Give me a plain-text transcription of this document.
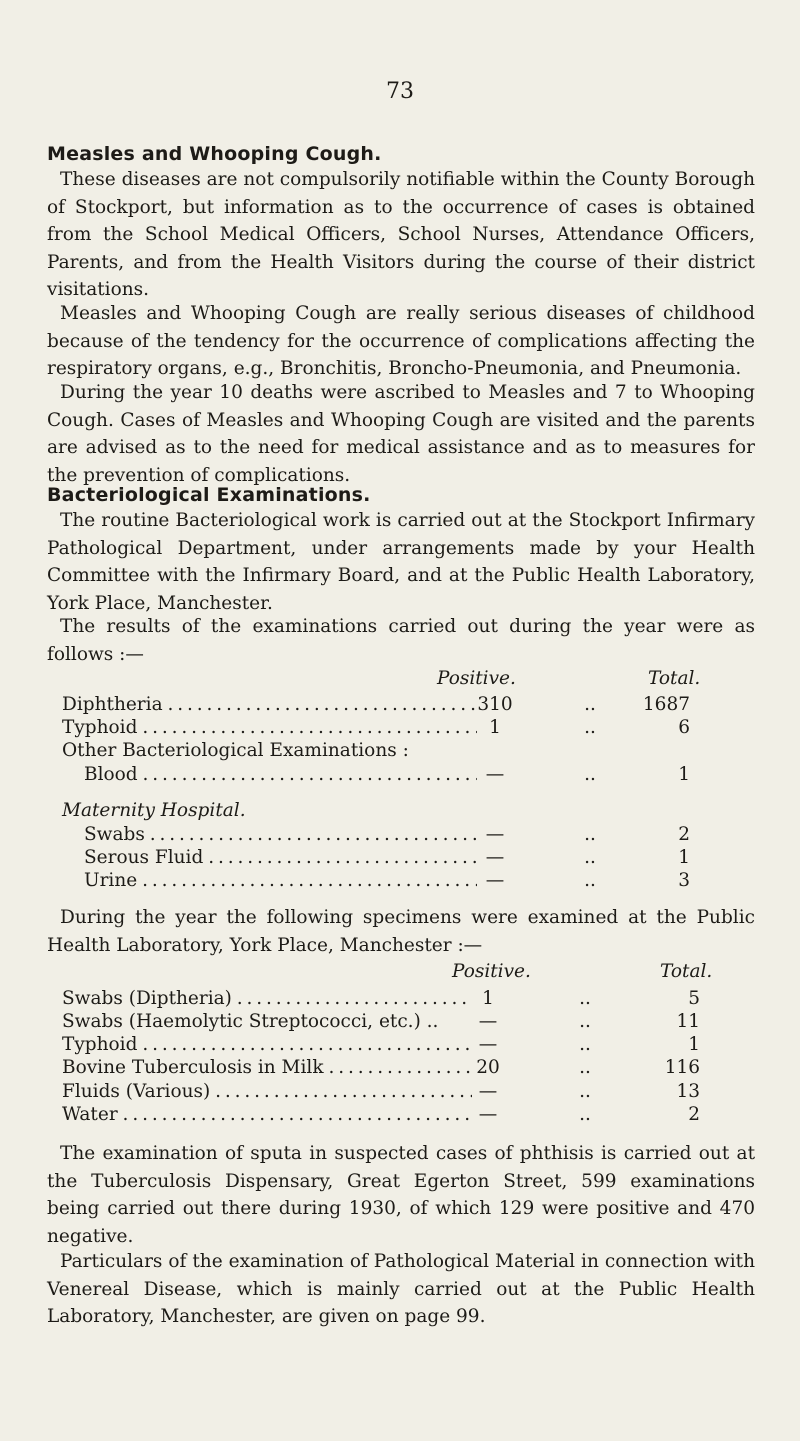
73
Measles and Whooping Cough.
These diseases are not compulsorily notifiable within the County Borough of Stockport, but information as to the occurrence of cases is obtained from the School Medical Officers, School Nurses, Attendance Officers, Parents, and from the Health Visitors during the course of their district visitations.
Measles and Whooping Cough are really serious diseases of childhood because of the tendency for the occurrence of complications affecting the respiratory organs, e.g., Bronchitis, Broncho-Pneumonia, and Pneumonia.
During the year 10 deaths were ascribed to Measles and 7 to Whooping Cough. Cases of Measles and Whooping Cough are visited and the parents are advised as to the need for medical assistance and as to measures for the prevention of complications.
Bacteriological Examinations.
The routine Bacteriological work is carried out at the Stockport Infirmary Pathological Department, under arrangements made by your Health Committee with the Infirmary Board, and at the Public Health Laboratory, York Place, Manchester.
The results of the examinations carried out during the year were as follows :—
Positive.	Total.
Diphtheria . . .	310	..	1687
Typhoid . . .	1	..	6
Other Bacteriological Examinations :
Blood . . .	—	..	1
Maternity Hospital.
Swabs . . .	—	..	2
Serous Fluid . . .	—	..	1
Urine . . .	—	..	3
During the year the following specimens were examined at the Public Health Laboratory, York Place, Manchester :—
Positive.	Total.
Swabs (Diptheria) . . .	1	..	5
Swabs (Haemolytic Streptococci, etc.) ..	—	..	11
Typhoid . . .	—	..	1
Bovine Tuberculosis in Milk . . .	20	..	116
Fluids (Various) . . .	—	..	13
Water . . .	—	..	2
The examination of sputa in suspected cases of phthisis is carried out at the Tuberculosis Dispensary, Great Egerton Street, 599 examinations being carried out there during 1930, of which 129 were positive and 470 negative.
Particulars of the examination of Pathological Material in connection with Venereal Disease, which is mainly carried out at the Public Health Laboratory, Manchester, are given on page 99.
